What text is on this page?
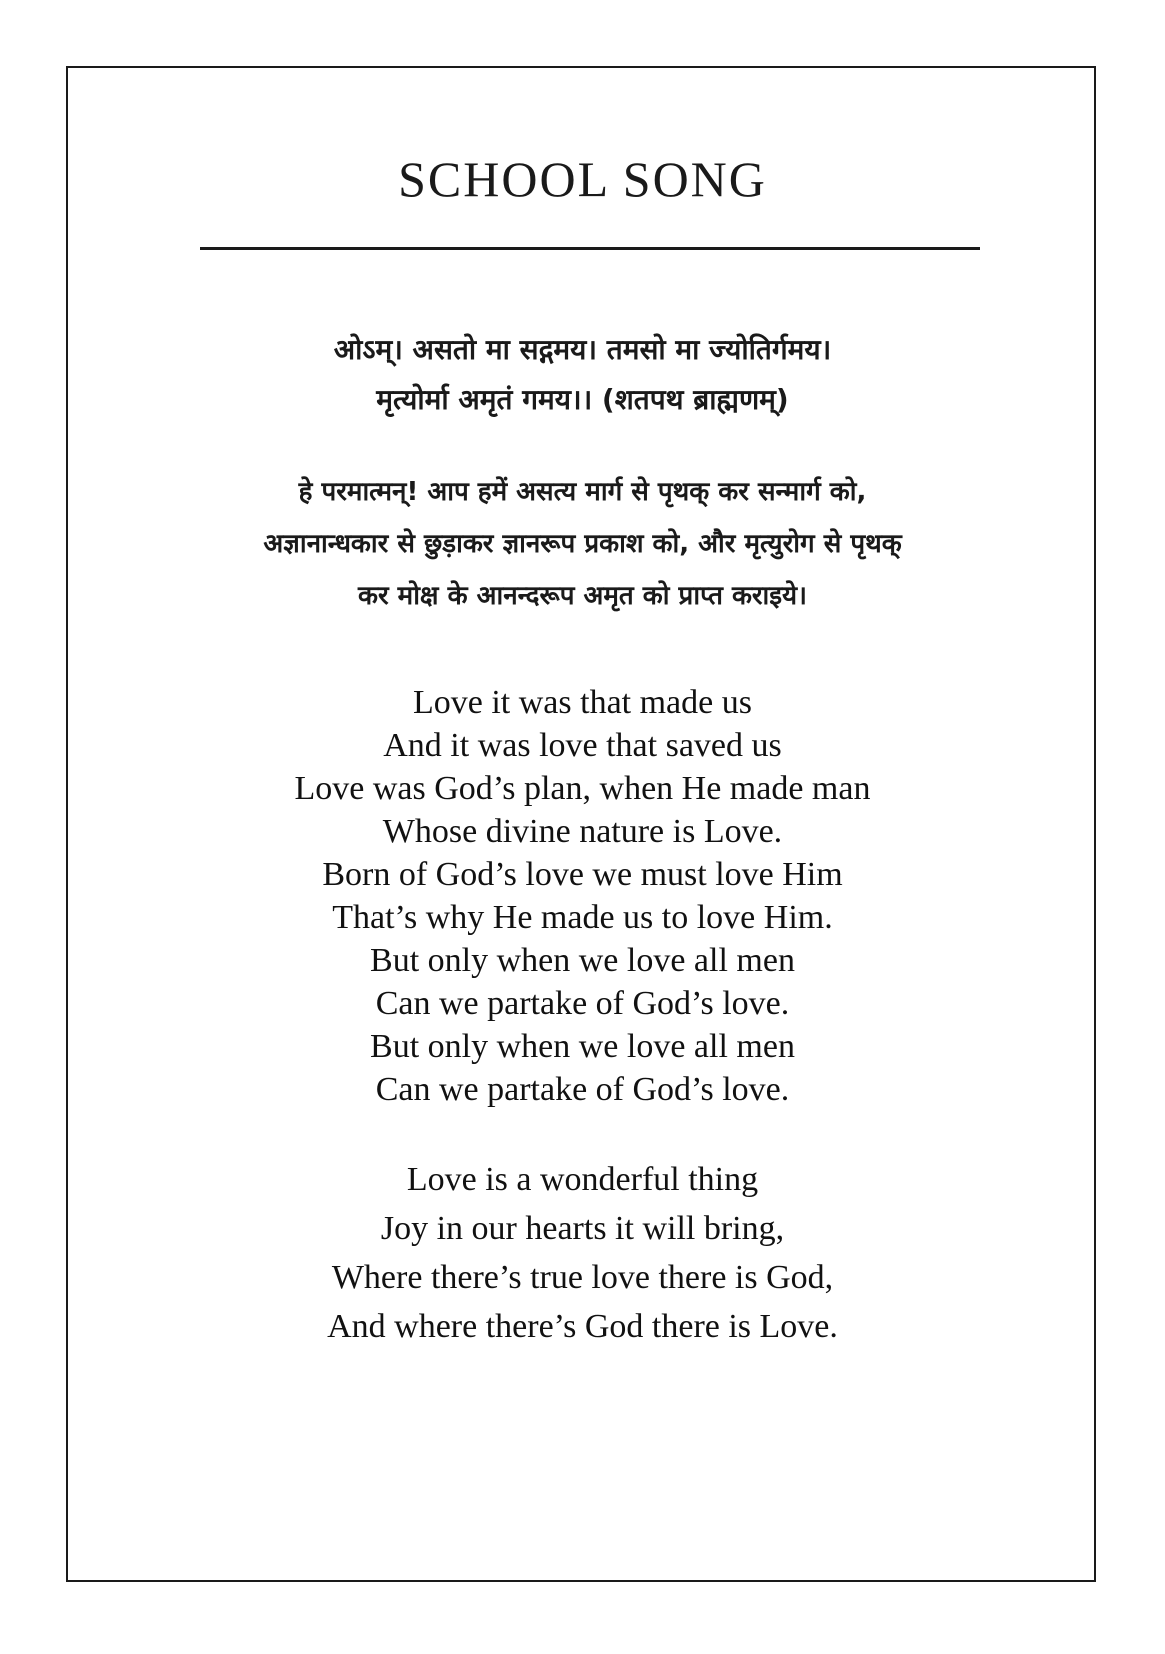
SCHOOL SONG
ओऽम्। असतो मा सद्गमय। तमसो मा ज्योतिर्गमय।
मृत्योर्मा अमृतं गमय।। (शतपथ ब्राह्मणम्)
हे परमात्मन्! आप हमें असत्य मार्ग से पृथक् कर सन्मार्ग को,
अज्ञानान्धकार से छुड़ाकर ज्ञानरूप प्रकाश को, और मृत्युरोग से पृथक्
कर मोक्ष के आनन्दरूप अमृत को प्राप्त कराइये।
Love it was that made us
And it was love that saved us
Love was God’s plan, when He made man
Whose divine nature is Love.
Born of God’s love we must love Him
That’s why He made us to love Him.
But only when we love all men
Can we partake of God’s love.
But only when we love all men
Can we partake of God’s love.
Love is a wonderful thing
Joy in our hearts it will bring,
Where there’s true love there is God,
And where there’s God there is Love.
